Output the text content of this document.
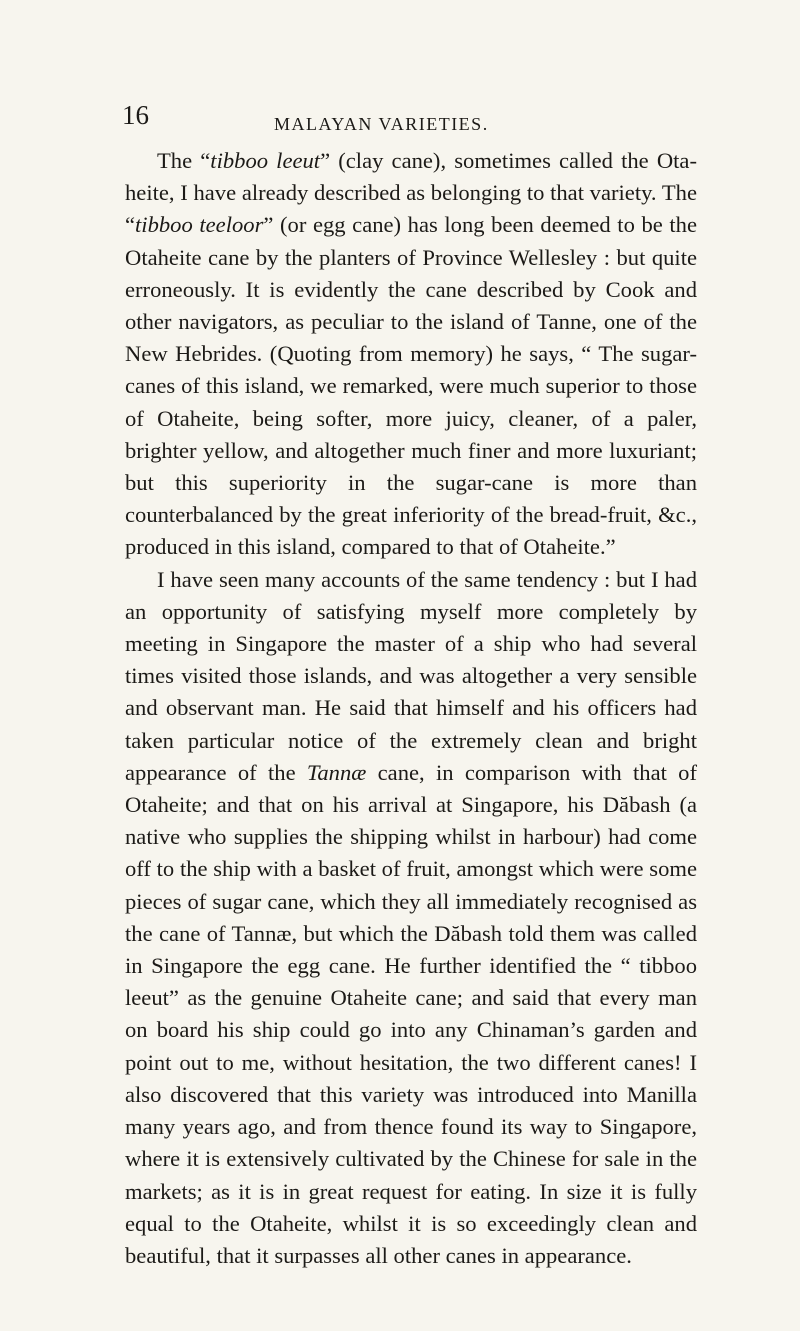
16	MALAYAN VARIETIES.

The “tibboo leeut” (clay cane), sometimes called the Otaheite, I have already described as belonging to that variety. The “tibboo teeloor” (or egg cane) has long been deemed to be the Otaheite cane by the planters of Province Wellesley : but quite erroneously. It is evidently the cane described by Cook and other navigators, as peculiar to the island of Tanne, one of the New Hebrides. (Quoting from memory) he says, “ The sugar-canes of this island, we remarked, were much superior to those of Otaheite, being softer, more juicy, cleaner, of a paler, brighter yellow, and altogether much finer and more luxuriant; but this superiority in the sugar-cane is more than counterbalanced by the great inferiority of the bread-fruit, &c., produced in this island, compared to that of Otaheite.”

I have seen many accounts of the same tendency : but I had an opportunity of satisfying myself more completely by meeting in Singapore the master of a ship who had several times visited those islands, and was altogether a very sensible and observant man. He said that himself and his officers had taken particular notice of the extremely clean and bright appearance of the Tannæ cane, in comparison with that of Otaheite; and that on his arrival at Singapore, his Dăbash (a native who supplies the shipping whilst in harbour) had come off to the ship with a basket of fruit, amongst which were some pieces of sugar cane, which they all immediately recognised as the cane of Tannæ, but which the Dăbash told them was called in Singapore the egg cane. He further identified the “ tibboo leeut” as the genuine Otaheite cane; and said that every man on board his ship could go into any Chinaman’s garden and point out to me, without hesitation, the two different canes! I also discovered that this variety was introduced into Manilla many years ago, and from thence found its way to Singapore, where it is extensively cultivated by the Chinese for sale in the markets; as it is in great request for eating. In size it is fully equal to the Otaheite, whilst it is so exceedingly clean and beautiful, that it surpasses all other canes in appearance.
